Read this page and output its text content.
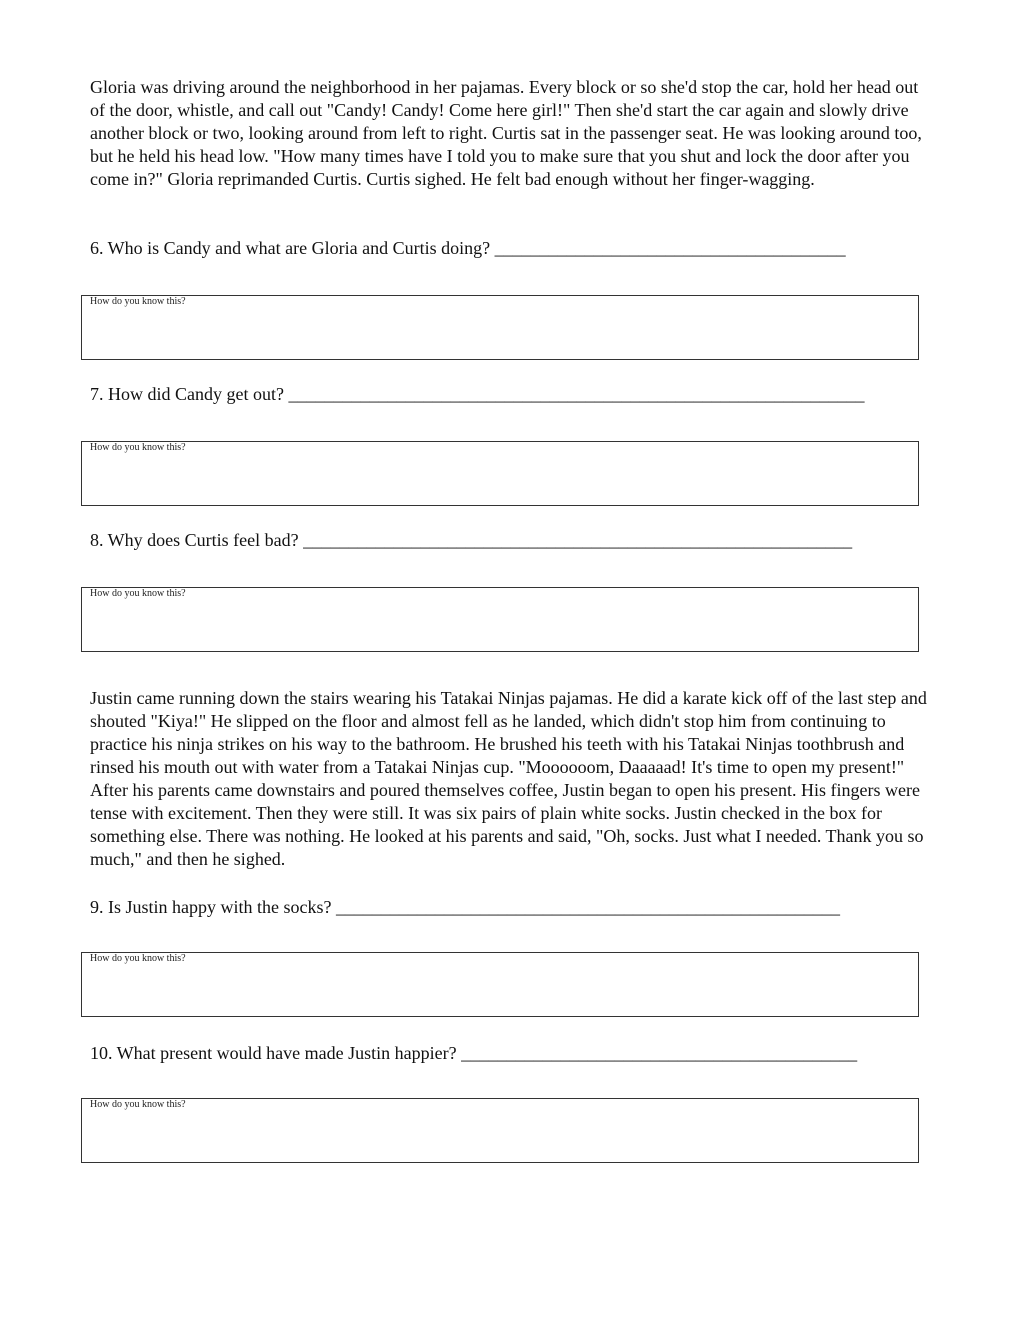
Gloria was driving around the neighborhood in her pajamas. Every block or so she'd stop the car, hold her head out of the door, whistle, and call out "Candy! Candy! Come here girl!" Then she'd start the car again and slowly drive another block or two, looking around from left to right. Curtis sat in the passenger seat. He was looking around too, but he held his head low. "How many times have I told you to make sure that you shut and lock the door after you come in?" Gloria reprimanded Curtis. Curtis sighed. He felt bad enough without her finger-wagging.

6. Who is Candy and what are Gloria and Curtis doing? _______________________________________

How do you know this?

7. How did Candy get out? ________________________________________________________________

How do you know this?

8. Why does Curtis feel bad? _____________________________________________________________

How do you know this?

Justin came running down the stairs wearing his Tatakai Ninjas pajamas. He did a karate kick off of the last step and shouted "Kiya!" He slipped on the floor and almost fell as he landed, which didn't stop him from continuing to practice his ninja strikes on his way to the bathroom. He brushed his teeth with his Tatakai Ninjas toothbrush and rinsed his mouth out with water from a Tatakai Ninjas cup. "Moooooom, Daaaaad! It's time to open my present!" After his parents came downstairs and poured themselves coffee, Justin began to open his present. His fingers were tense with excitement. Then they were still. It was six pairs of plain white socks. Justin checked in the box for something else. There was nothing. He looked at his parents and said, "Oh, socks. Just what I needed. Thank you so much," and then he sighed.

9. Is Justin happy with the socks? ________________________________________________________

How do you know this?

10. What present would have made Justin happier? ____________________________________________

How do you know this?
